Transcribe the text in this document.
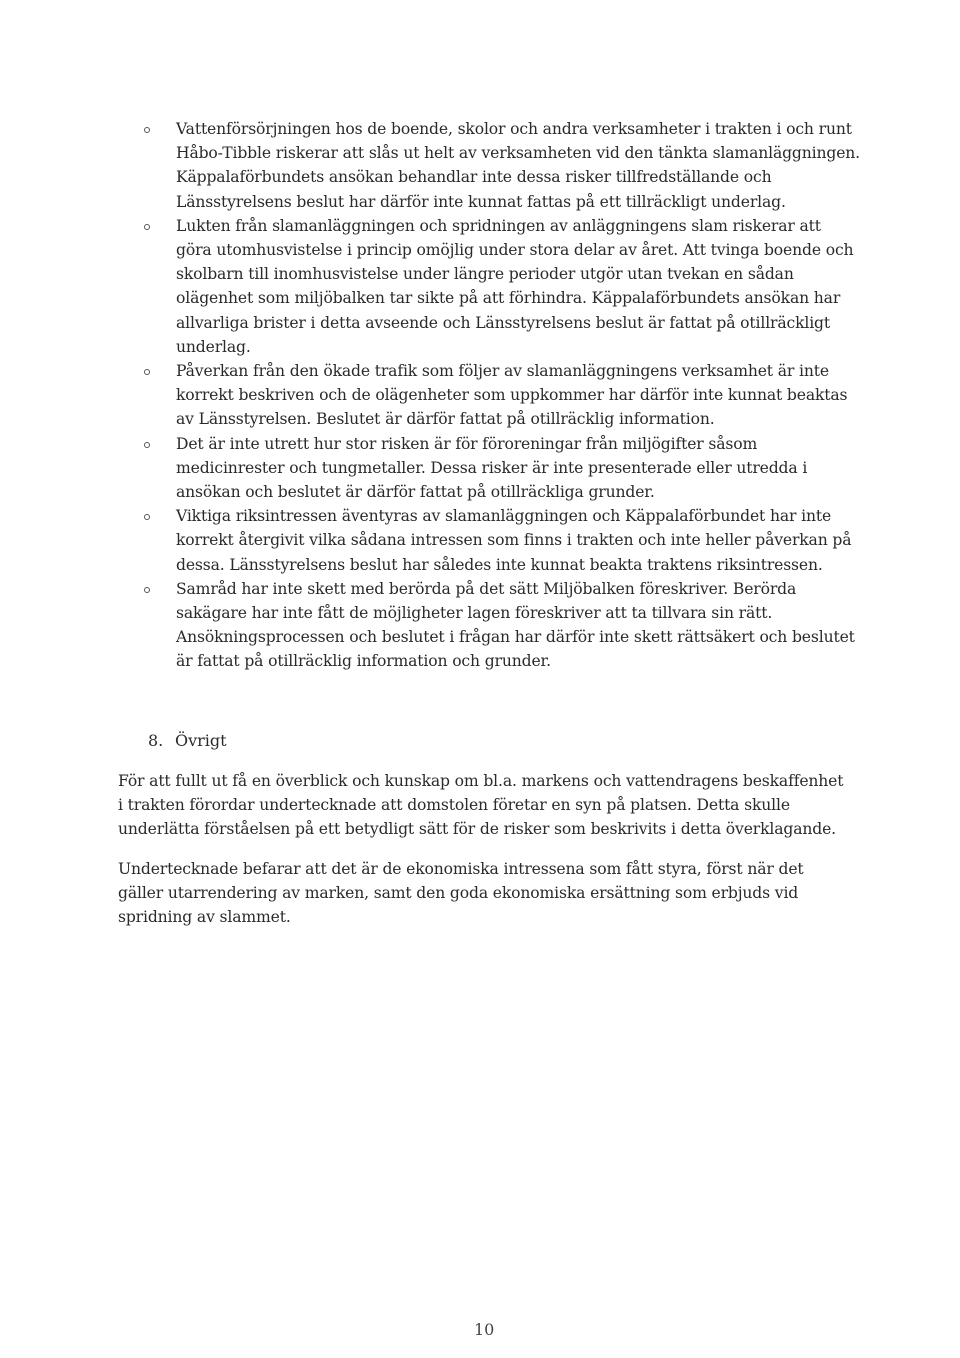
Vattenförsörjningen hos de boende, skolor och andra verksamheter i trakten i och runt Håbo-Tibble riskerar att slås ut helt av verksamheten vid den tänkta slamanläggningen. Käppalaförbundets ansökan behandlar inte dessa risker tillfredställande och Länsstyrelsens beslut har därför inte kunnat fattas på ett tillräckligt underlag.
Lukten från slamanläggningen och spridningen av anläggningens slam riskerar att göra utomhusvistelse i princip omöjlig under stora delar av året. Att tvinga boende och skolbarn till inomhusvistelse under längre perioder utgör utan tvekan en sådan olägenhet som miljöbalken tar sikte på att förhindra. Käppalaförbundets ansökan har allvarliga brister i detta avseende och Länsstyrelsens beslut är fattat på otillräckligt underlag.
Påverkan från den ökade trafik som följer av slamanläggningens verksamhet är inte korrekt beskriven och de olägenheter som uppkommer har därför inte kunnat beaktas av Länsstyrelsen. Beslutet är därför fattat på otillräcklig information.
Det är inte utrett hur stor risken är för föroreningar från miljögifter såsom medicinrester och tungmetaller. Dessa risker är inte presenterade eller utredda i ansökan och beslutet är därför fattat på otillräckliga grunder.
Viktiga riksintressen äventyras av slamanläggningen och Käppalaförbundet har inte korrekt återgivit vilka sådana intressen som finns i trakten och inte heller påverkan på dessa. Länsstyrelsens beslut har således inte kunnat beakta traktens riksintressen.
Samråd har inte skett med berörda på det sätt Miljöbalken föreskriver. Berörda sakägare har inte fått de möjligheter lagen föreskriver att ta tillvara sin rätt. Ansökningsprocessen och beslutet i frågan har därför inte skett rättsäkert och beslutet är fattat på otillräcklig information och grunder.
8. Övrigt

För att fullt ut få en överblick och kunskap om bl.a. markens och vattendragens beskaffenhet i trakten förordar undertecknade att domstolen företar en syn på platsen. Detta skulle underlätta förståelsen på ett betydligt sätt för de risker som beskrivits i detta överklagande.

Undertecknade befarar att det är de ekonomiska intressena som fått styra, först när det gäller utarrendering av marken, samt den goda ekonomiska ersättning som erbjuds vid spridning av slammet.

10
